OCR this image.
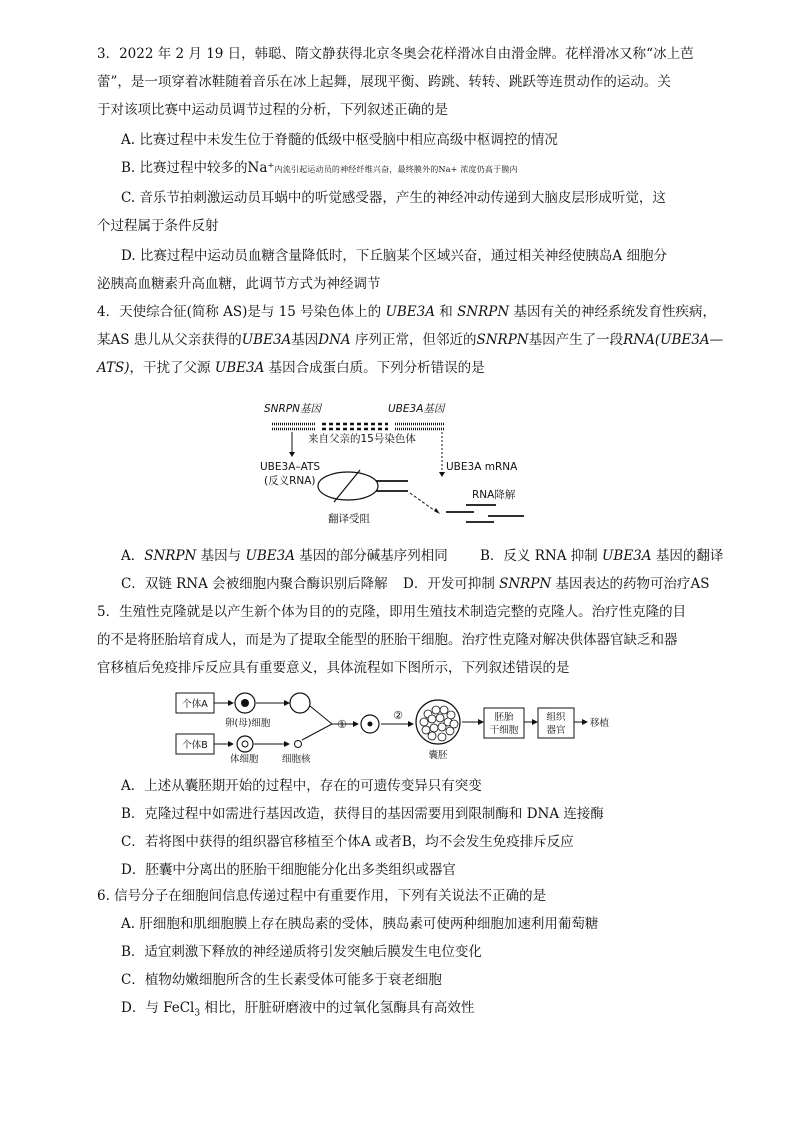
3．2022 年 2 月 19 日，韩聪、隋文静获得北京冬奥会花样滑冰自由滑金牌。花样滑冰又称“冰上芭
蕾”，是一项穿着冰鞋随着音乐在冰上起舞，展现平衡、跨跳、转转、跳跃等连贯动作的运动。关
于对该项比赛中运动员调节过程的分析，下列叙述正确的是
A. 比赛过程中未发生位于脊髓的低级中枢受脑中相应高级中枢调控的情况
B. 比赛过程中较多的Na⁺内流引起运动员的神经纤维兴奋，最终膜外的Na+ 浓度仍高于膜内
C. 音乐节拍刺激运动员耳蜗中的听觉感受器，产生的神经冲动传递到大脑皮层形成听觉，这
个过程属于条件反射
D. 比赛过程中运动员血糖含量降低时，下丘脑某个区域兴奋，通过相关神经使胰岛A 细胞分
泌胰高血糖素升高血糖，此调节方式为神经调节
4．天使综合征(简称 AS)是与 15 号染色体上的 UBE3A 和 SNRPN 基因有关的神经系统发育性疾病，
某AS 患儿从父亲获得的UBE3A基因DNA 序列正常，但邻近的SNRPN基因产生了一段RNA(UBE3A—
ATS)，干扰了父源 UBE3A 基因合成蛋白质。下列分析错误的是
SNRPN基因	UBE3A基因
来自父亲的15号染色体
UBE3A–ATS
(反义RNA)
UBE3A mRNA
RNA降解
翻译受阻
A．SNRPN 基因与 UBE3A 基因的部分碱基序列相同 B．反义 RNA 抑制 UBE3A 基因的翻译
C．双链 RNA 会被细胞内聚合酶识别后降解 D．开发可抑制 SNRPN 基因表达的药物可治疗AS
5．生殖性克隆就是以产生新个体为目的的克隆，即用生殖技术制造完整的克隆人。治疗性克隆的目
的不是将胚胎培育成人，而是为了提取全能型的胚胎干细胞。治疗性克隆对解决供体器官缺乏和器
官移植后免疫排斥反应具有重要意义，具体流程如下图所示，下列叙述错误的是
个体A
卵(母)细胞
个体B
体细胞 细胞核
①
②
囊胚
胚胎
干细胞
组织
器官
移植
A．上述从囊胚期开始的过程中，存在的可遗传变异只有突变
B．克隆过程中如需进行基因改造，获得目的基因需要用到限制酶和 DNA 连接酶
C．若将图中获得的组织器官移植至个体A 或者B，均不会发生免疫排斥反应
D．胚囊中分离出的胚胎干细胞能分化出多类组织或器官
6. 信号分子在细胞间信息传递过程中有重要作用，下列有关说法不正确的是
A. 肝细胞和肌细胞膜上存在胰岛素的受体，胰岛素可使两种细胞加速利用葡萄糖
B．适宜刺激下释放的神经递质将引发突触后膜发生电位变化
C．植物幼嫩细胞所含的生长素受体可能多于衰老细胞
D．与 FeCl$_3$ 相比，肝脏研磨液中的过氧化氢酶具有高效性
